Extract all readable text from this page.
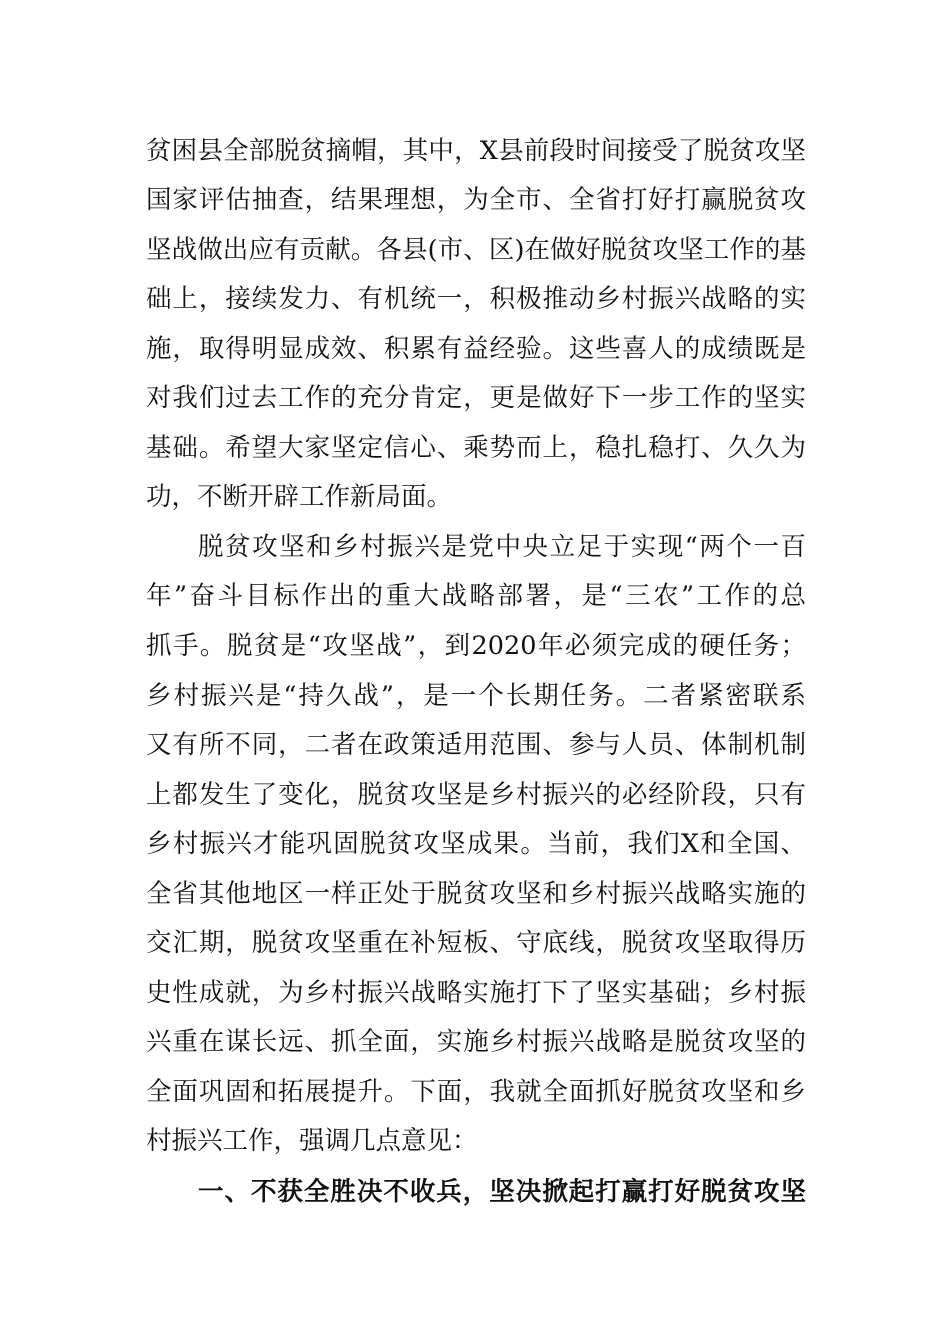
贫困县全部脱贫摘帽，其中，X县前段时间接受了脱贫攻坚
国家评估抽查，结果理想，为全市、全省打好打赢脱贫攻
坚战做出应有贡献。各县(市、区)在做好脱贫攻坚工作的基
础上，接续发力、有机统一，积极推动乡村振兴战略的实
施，取得明显成效、积累有益经验。这些喜人的成绩既是
对我们过去工作的充分肯定，更是做好下一步工作的坚实
基础。希望大家坚定信心、乘势而上，稳扎稳打、久久为
功，不断开辟工作新局面。
脱贫攻坚和乡村振兴是党中央立足于实现“两个一百
年”奋斗目标作出的重大战略部署，是“三农”工作的总
抓手。脱贫是“攻坚战”，到2020年必须完成的硬任务；
乡村振兴是“持久战”，是一个长期任务。二者紧密联系
又有所不同，二者在政策适用范围、参与人员、体制机制
上都发生了变化，脱贫攻坚是乡村振兴的必经阶段，只有
乡村振兴才能巩固脱贫攻坚成果。当前，我们X和全国、
全省其他地区一样正处于脱贫攻坚和乡村振兴战略实施的
交汇期，脱贫攻坚重在补短板、守底线，脱贫攻坚取得历
史性成就，为乡村振兴战略实施打下了坚实基础；乡村振
兴重在谋长远、抓全面，实施乡村振兴战略是脱贫攻坚的
全面巩固和拓展提升。下面，我就全面抓好脱贫攻坚和乡
村振兴工作，强调几点意见：
一、不获全胜决不收兵，坚决掀起打赢打好脱贫攻坚
